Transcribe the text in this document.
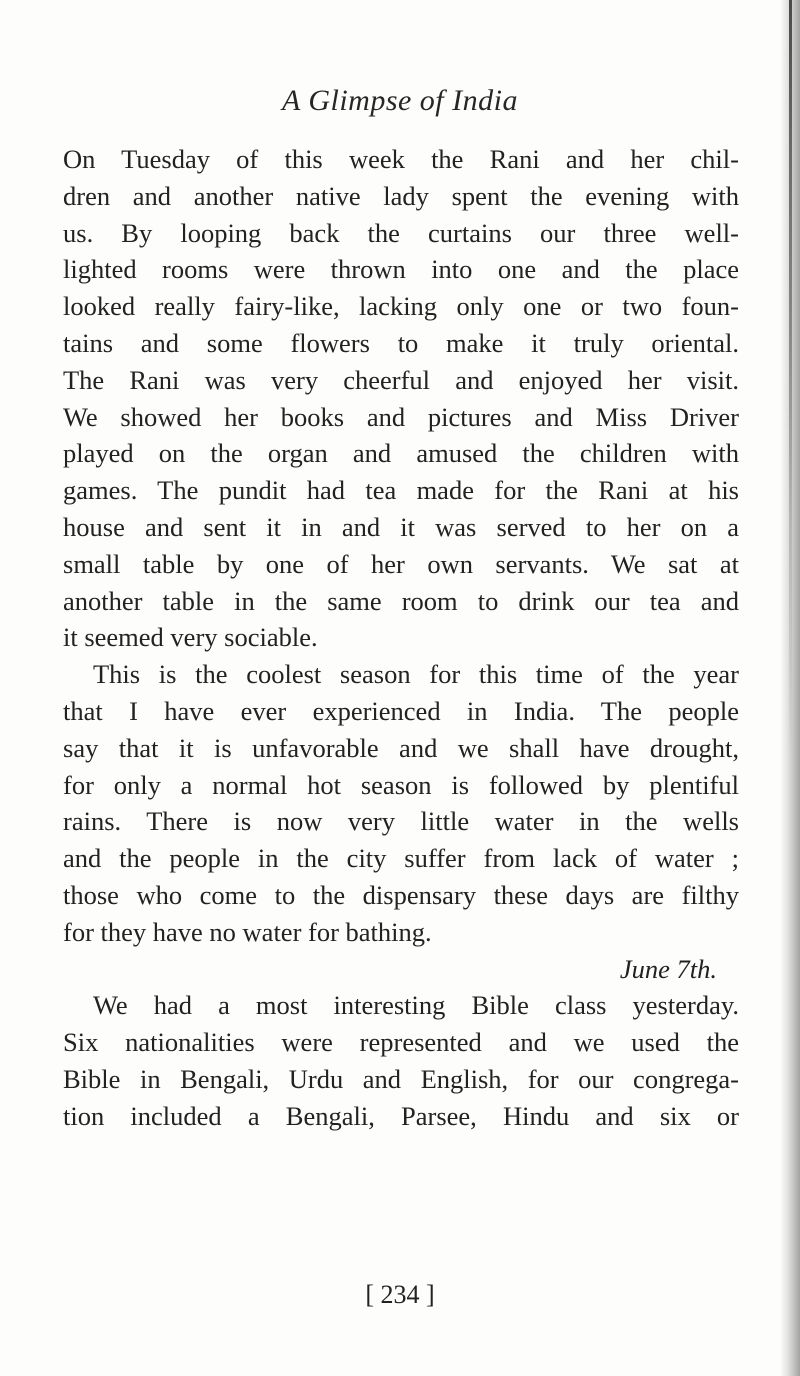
A Glimpse of India
On Tuesday of this week the Rani and her chil-
dren and another native lady spent the evening with
us. By looping back the curtains our three well-
lighted rooms were thrown into one and the place
looked really fairy-like, lacking only one or two foun-
tains and some flowers to make it truly oriental.
The Rani was very cheerful and enjoyed her visit.
We showed her books and pictures and Miss Driver
played on the organ and amused the children with
games. The pundit had tea made for the Rani at his
house and sent it in and it was served to her on a
small table by one of her own servants. We sat at
another table in the same room to drink our tea and
it seemed very sociable.
This is the coolest season for this time of the year
that I have ever experienced in India. The people
say that it is unfavorable and we shall have drought,
for only a normal hot season is followed by plentiful
rains. There is now very little water in the wells
and the people in the city suffer from lack of water ;
those who come to the dispensary these days are filthy
for they have no water for bathing.
June 7th.
We had a most interesting Bible class yesterday.
Six nationalities were represented and we used the
Bible in Bengali, Urdu and English, for our congrega-
tion included a Bengali, Parsee, Hindu and six or
[ 234 ]
